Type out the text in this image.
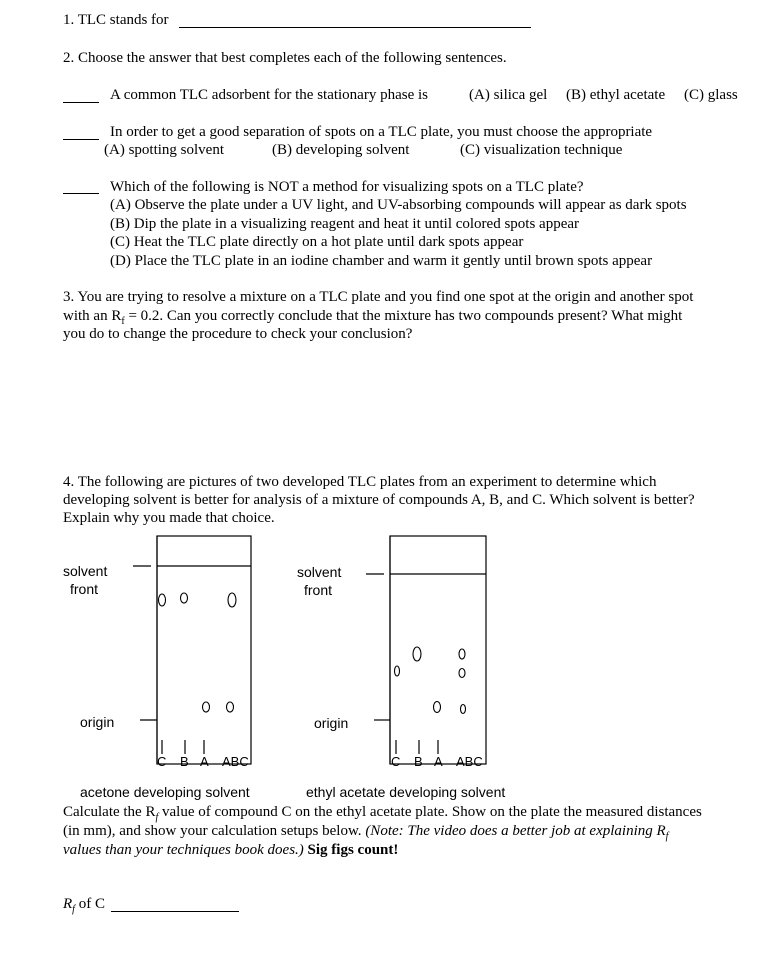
1. TLC stands for
2. Choose the answer that best completes each of the following sentences.
A common TLC adsorbent for the stationary phase is	(A) silica gel (B) ethyl acetate (C) glass
In order to get a good separation of spots on a TLC plate, you must choose the appropriate
(A) spotting solvent	(B) developing solvent	(C) visualization technique
Which of the following is NOT a method for visualizing spots on a TLC plate?
(A) Observe the plate under a UV light, and UV-absorbing compounds will appear as dark spots
(B) Dip the plate in a visualizing reagent and heat it until colored spots appear
(C) Heat the TLC plate directly on a hot plate until dark spots appear
(D) Place the TLC plate in an iodine chamber and warm it gently until brown spots appear
3. You are trying to resolve a mixture on a TLC plate and you find one spot at the origin and another spot
with an $R_f = 0.2$. Can you correctly conclude that the mixture has two compounds present? What might
you do to change the procedure to check your conclusion?
4. The following are pictures of two developed TLC plates from an experiment to determine which
developing solvent is better for analysis of a mixture of compounds A, B, and C. Which solvent is better?
Explain why you made that choice.
solvent
front
origin
C B A ABC
acetone developing solvent
solvent
front
origin
C B A ABC
ethyl acetate developing solvent
Calculate the $R_f$ value of compound C on the ethyl acetate plate. Show on the plate the measured distances
(in mm), and show your calculation setups below. (Note: The video does a better job at explaining $R_f$
values than your techniques book does.) Sig figs count!
$R_f$ of C
